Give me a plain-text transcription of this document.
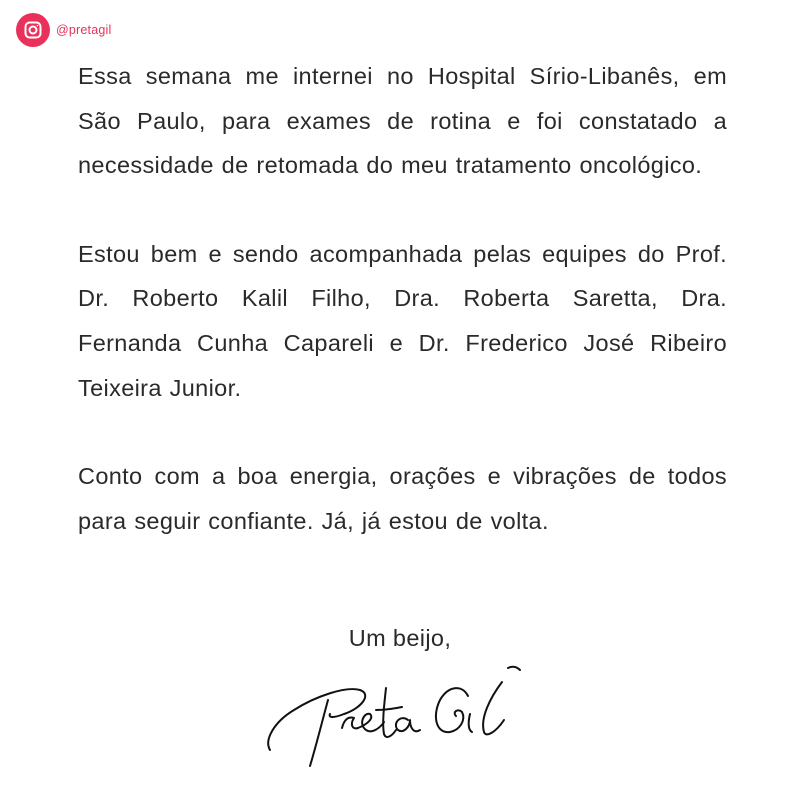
@pretagil

Essa semana me internei no Hospital Sírio-Libanês, em São Paulo, para exames de rotina e foi constatado a necessidade de retomada do meu tratamento oncológico.

Estou bem e sendo acompanhada pelas equipes do Prof. Dr. Roberto Kalil Filho, Dra. Roberta Saretta, Dra. Fernanda Cunha Capareli e Dr. Frederico José Ribeiro Teixeira Junior.

Conto com a boa energia, orações e vibrações de todos para seguir confiante. Já, já estou de volta.

Um beijo,
